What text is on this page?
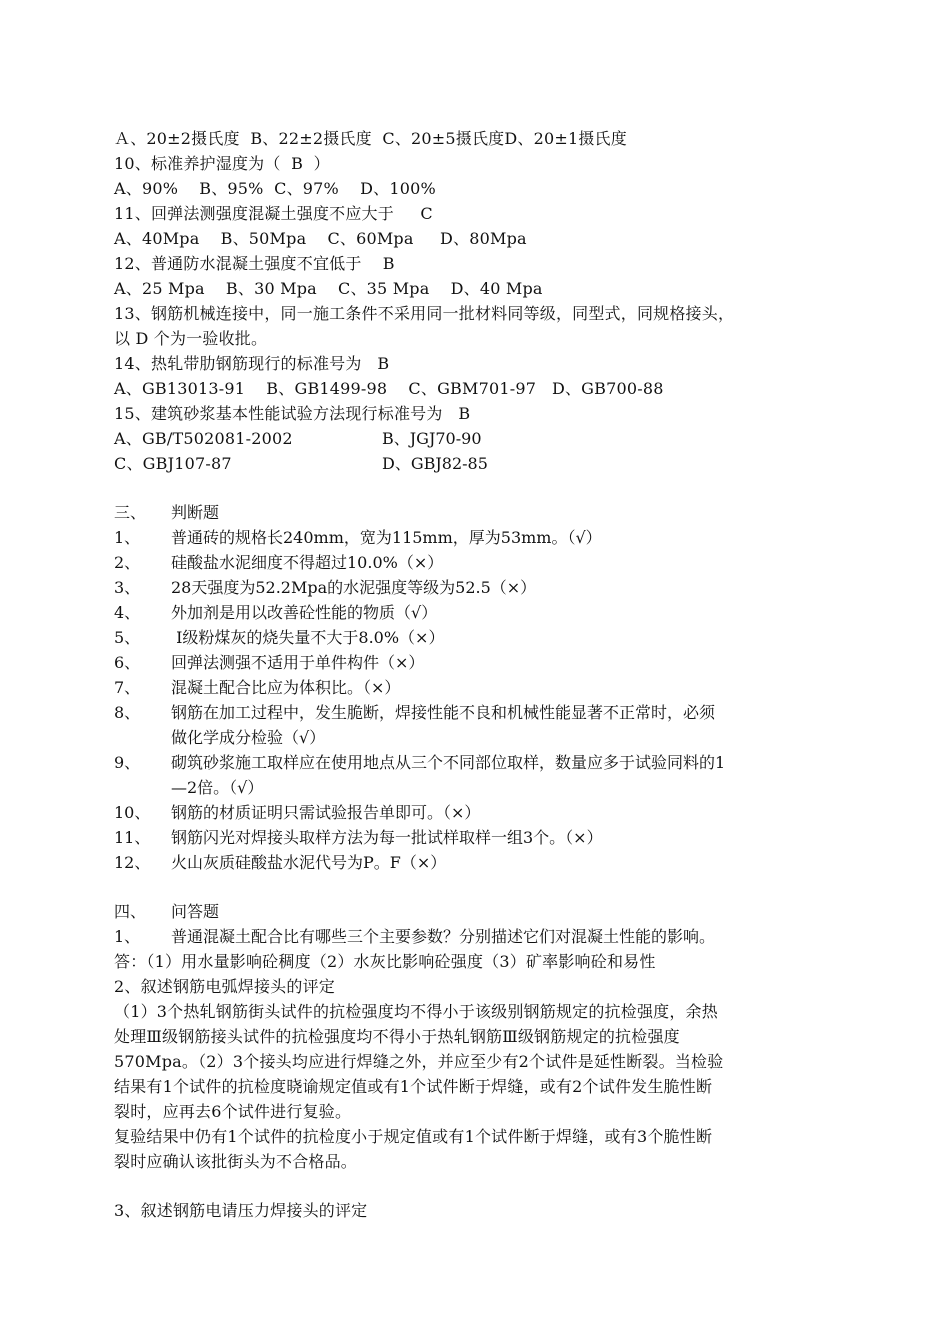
Ａ、20±2摄氏度  B、22±2摄氏度  C、20±5摄氏度D、20±1摄氏度
10、标准养护湿度为（  B  ）
A、90%    B、95%  C、97%    D、100%
11、回弹法测强度混凝土强度不应大于     C
A、40Mpa    B、50Mpa    C、60Mpa     D、80Mpa
12、普通防水混凝土强度不宜低于    B
A、25 Mpa    B、30 Mpa    C、35 Mpa    D、40 Mpa
13、钢筋机械连接中，同一施工条件不采用同一批材料同等级，同型式，同规格接头，
以 D 个为一验收批。
14、热轧带肋钢筋现行的标准号为   B
A、GB13013-91    B、GB1499-98    C、GBM701-97   D、GB700-88
15、建筑砂浆基本性能试验方法现行标准号为   B
A、GB/T502081-2002	B、JGJ70-90
C、GBJ107-87	D、GBJ82-85
三、 判断题
1、 普通砖的规格长240mm，宽为115mm，厚为53mm。（√）
2、 硅酸盐水泥细度不得超过10.0%（×）
3、 28天强度为52.2Mpa的水泥强度等级为52.5（×）
4、 外加剂是用以改善砼性能的物质（√）
5、 Ⅰ级粉煤灰的烧失量不大于8.0%（×）
6、 回弹法测强不适用于单件构件（×）
7、 混凝土配合比应为体积比。（×）
8、 钢筋在加工过程中，发生脆断，焊接性能不良和机械性能显著不正常时，必须
做化学成分检验（√）
9、 砌筑砂浆施工取样应在使用地点从三个不同部位取样，数量应多于试验同料的1
—2倍。（√）
10、 钢筋的材质证明只需试验报告单即可。（×）
11、 钢筋闪光对焊接头取样方法为每一批试样取样一组3个。（×）
12、 火山灰质硅酸盐水泥代号为P。F（×）
四、 问答题
1、 普通混凝土配合比有哪些三个主要参数？分别描述它们对混凝土性能的影响。
答：（1）用水量影响砼稠度（2）水灰比影响砼强度（3）矿率影响砼和易性
2、叙述钢筋电弧焊接头的评定
（1）3个热轧钢筋街头试件的抗检强度均不得小于该级别钢筋规定的抗检强度，余热
处理Ⅲ级钢筋接头试件的抗检强度均不得小于热轧钢筋Ⅲ级钢筋规定的抗检强度
570Mpa。（2）3个接头均应进行焊缝之外，并应至少有2个试件是延性断裂。当检验
结果有1个试件的抗检度晓谕规定值或有1个试件断于焊缝，或有2个试件发生脆性断
裂时，应再去6个试件进行复验。
复验结果中仍有1个试件的抗检度小于规定值或有1个试件断于焊缝，或有3个脆性断
裂时应确认该批街头为不合格品。
3、叙述钢筋电请压力焊接头的评定
